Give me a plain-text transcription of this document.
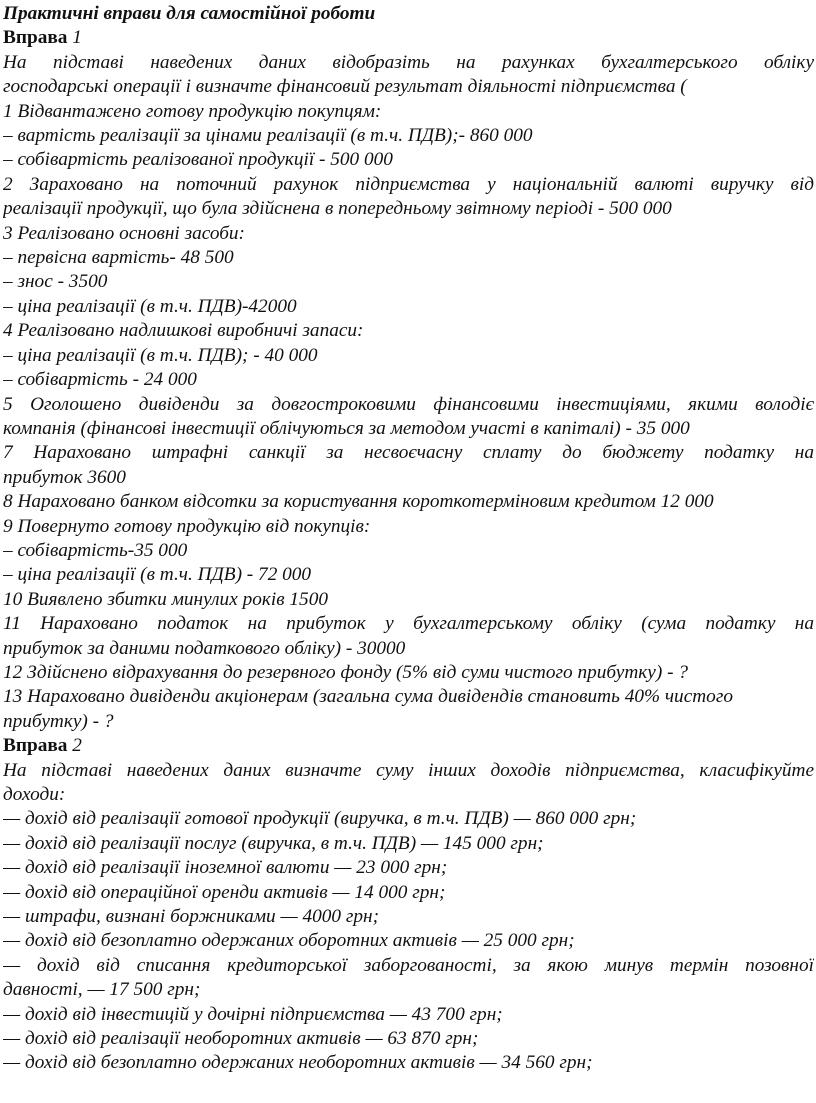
Практичні вправи для самостійної роботи
Вправа 1
На підставі наведених даних відобразіть на рахунках бухгалтерського обліку
господарські операції і визначте фінансовий результат діяльності підприємства (
1 Відвантажено готову продукцію покупцям:
– вартість реалізації за цінами реалізації (в т.ч. ПДВ);- 860 000
– собівартість реалізованої продукції - 500 000
2 Зараховано на поточний рахунок підприємства у національній валюті виручку від
реалізації продукції, що була здійснена в попередньому звітному періоді - 500 000
3 Реалізовано основні засоби:
– первісна вартість- 48 500
– знос - 3500
– ціна реалізації (в т.ч. ПДВ)-42000
4 Реалізовано надлишкові виробничі запаси:
– ціна реалізації (в т.ч. ПДВ); - 40 000
– собівартість - 24 000
5 Оголошено дивіденди за довгостроковими фінансовими інвестиціями, якими володіє
компанія (фінансові інвестиції облічуються за методом участі в капіталі) - 35 000
7 Нараховано штрафні санкції за несвоєчасну сплату до бюджету податку на
прибуток 3600
8 Нараховано банком відсотки за користування короткотерміновим кредитом 12 000
9 Повернуто готову продукцію від покупців:
– собівартість-35 000
– ціна реалізації (в т.ч. ПДВ) - 72 000
10 Виявлено збитки минулих років 1500
11 Нараховано податок на прибуток у бухгалтерському обліку (сума податку на
прибуток за даними податкового обліку) - 30000
12 Здійснено відрахування до резервного фонду (5% від суми чистого прибутку) - ?
13 Нараховано дивіденди акціонерам (загальна сума дивідендів становить 40% чистого
прибутку) - ?
Вправа 2
На підставі наведених даних визначте суму інших доходів підприємства, класифікуйте
доходи:
— дохід від реалізації готової продукції (виручка, в т.ч. ПДВ) — 860 000 грн;
— дохід від реалізації послуг (виручка, в т.ч. ПДВ) — 145 000 грн;
— дохід від реалізації іноземної валюти — 23 000 грн;
— дохід від операційної оренди активів — 14 000 грн;
— штрафи, визнані боржниками — 4000 грн;
— дохід від безоплатно одержаних оборотних активів — 25 000 грн;
— дохід від списання кредиторської заборгованості, за якою минув термін позовної
давності, — 17 500 грн;
— дохід від інвестицій у дочірні підприємства — 43 700 грн;
— дохід від реалізації необоротних активів — 63 870 грн;
— дохід від безоплатно одержаних необоротних активів — 34 560 грн;
